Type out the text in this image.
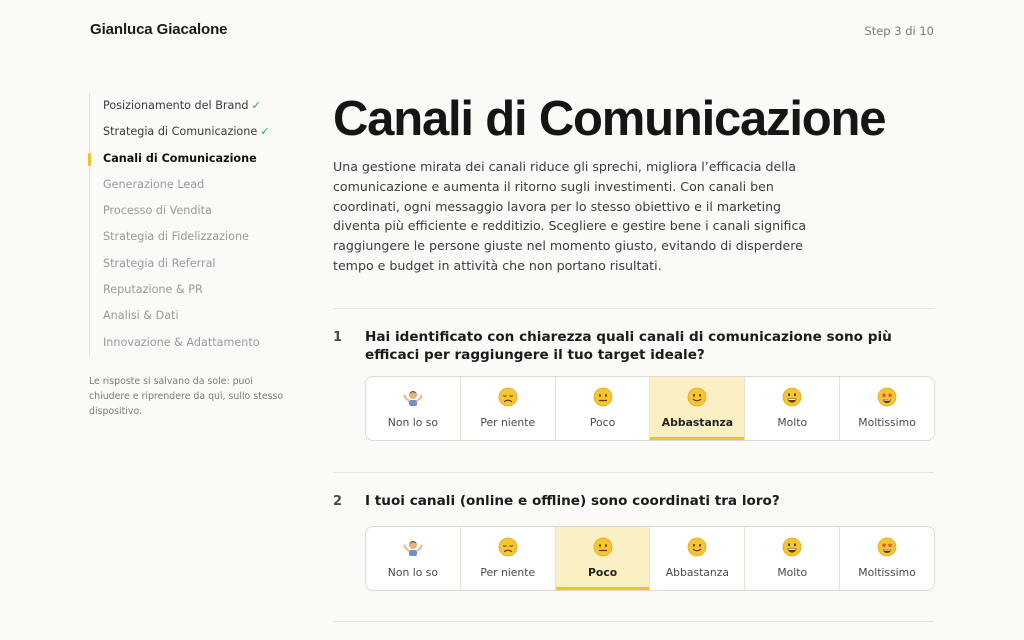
Gianluca Giacalone	Step 3 di 10
Posizionamento del Brand ✓
Strategia di Comunicazione ✓
Canali di Comunicazione
Generazione Lead
Processo di Vendita
Strategia di Fidelizzazione
Strategia di Referral
Reputazione & PR
Analisi & Dati
Innovazione & Adattamento
Le risposte si salvano da sole: puoi chiudere e riprendere da qui, sullo stesso dispositivo.
Canali di Comunicazione

Una gestione mirata dei canali riduce gli sprechi, migliora l’efficacia della comunicazione e aumenta il ritorno sugli investimenti. Con canali ben coordinati, ogni messaggio lavora per lo stesso obiettivo e il marketing diventa più efficiente e redditizio. Scegliere e gestire bene i canali significa raggiungere le persone giuste nel momento giusto, evitando di disperdere tempo e budget in attività che non portano risultati.

1 Hai identificato con chiarezza quali canali di comunicazione sono più efficaci per raggiungere il tuo target ideale?

Non lo so	Per niente	Poco	Abbastanza	Molto	Moltissimo
2 I tuoi canali (online e offline) sono coordinati tra loro?

Non lo so	Per niente	Poco	Abbastanza	Molto	Moltissimo
